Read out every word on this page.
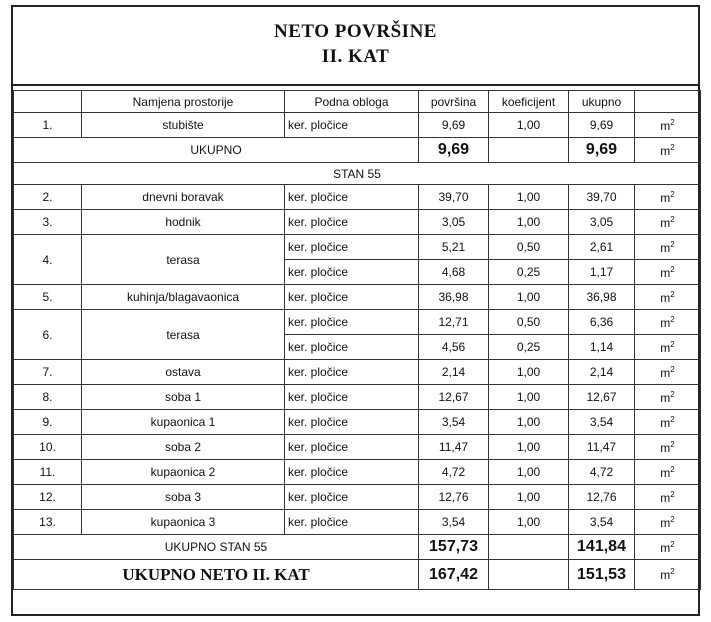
NETO POVRŠINE
II. KAT
	Namjena prostorije	Podna obloga	površina	koeficijent	ukupno	
1.	stubište	ker. pločice	9,69	1,00	9,69	$m^2$
UKUPNO			9,69		9,69	$m^2$
STAN 55						
2.	dnevni boravak	ker. pločice	39,70	1,00	39,70	$m^2$
3.	hodnik	ker. pločice	3,05	1,00	3,05	$m^2$
4.	terasa	ker. pločice	5,21	0,50	2,61	$m^2$
		ker. pločice	4,68	0,25	1,17	$m^2$
5.	kuhinja/blagavaonica	ker. pločice	36,98	1,00	36,98	$m^2$
6.	terasa	ker. pločice	12,71	0,50	6,36	$m^2$
		ker. pločice	4,56	0,25	1,14	$m^2$
7.	ostava	ker. pločice	2,14	1,00	2,14	$m^2$
8.	soba 1	ker. pločice	12,67	1,00	12,67	$m^2$
9.	kupaonica 1	ker. pločice	3,54	1,00	3,54	$m^2$
10.	soba 2	ker. pločice	11,47	1,00	11,47	$m^2$
11.	kupaonica 2	ker. pločice	4,72	1,00	4,72	$m^2$
12.	soba 3	ker. pločice	12,76	1,00	12,76	$m^2$
13.	kupaonica 3	ker. pločice	3,54	1,00	3,54	$m^2$
UKUPNO STAN 55			157,73		141,84	$m^2$
UKUPNO NETO II. KAT			167,42		151,53	$m^2$
